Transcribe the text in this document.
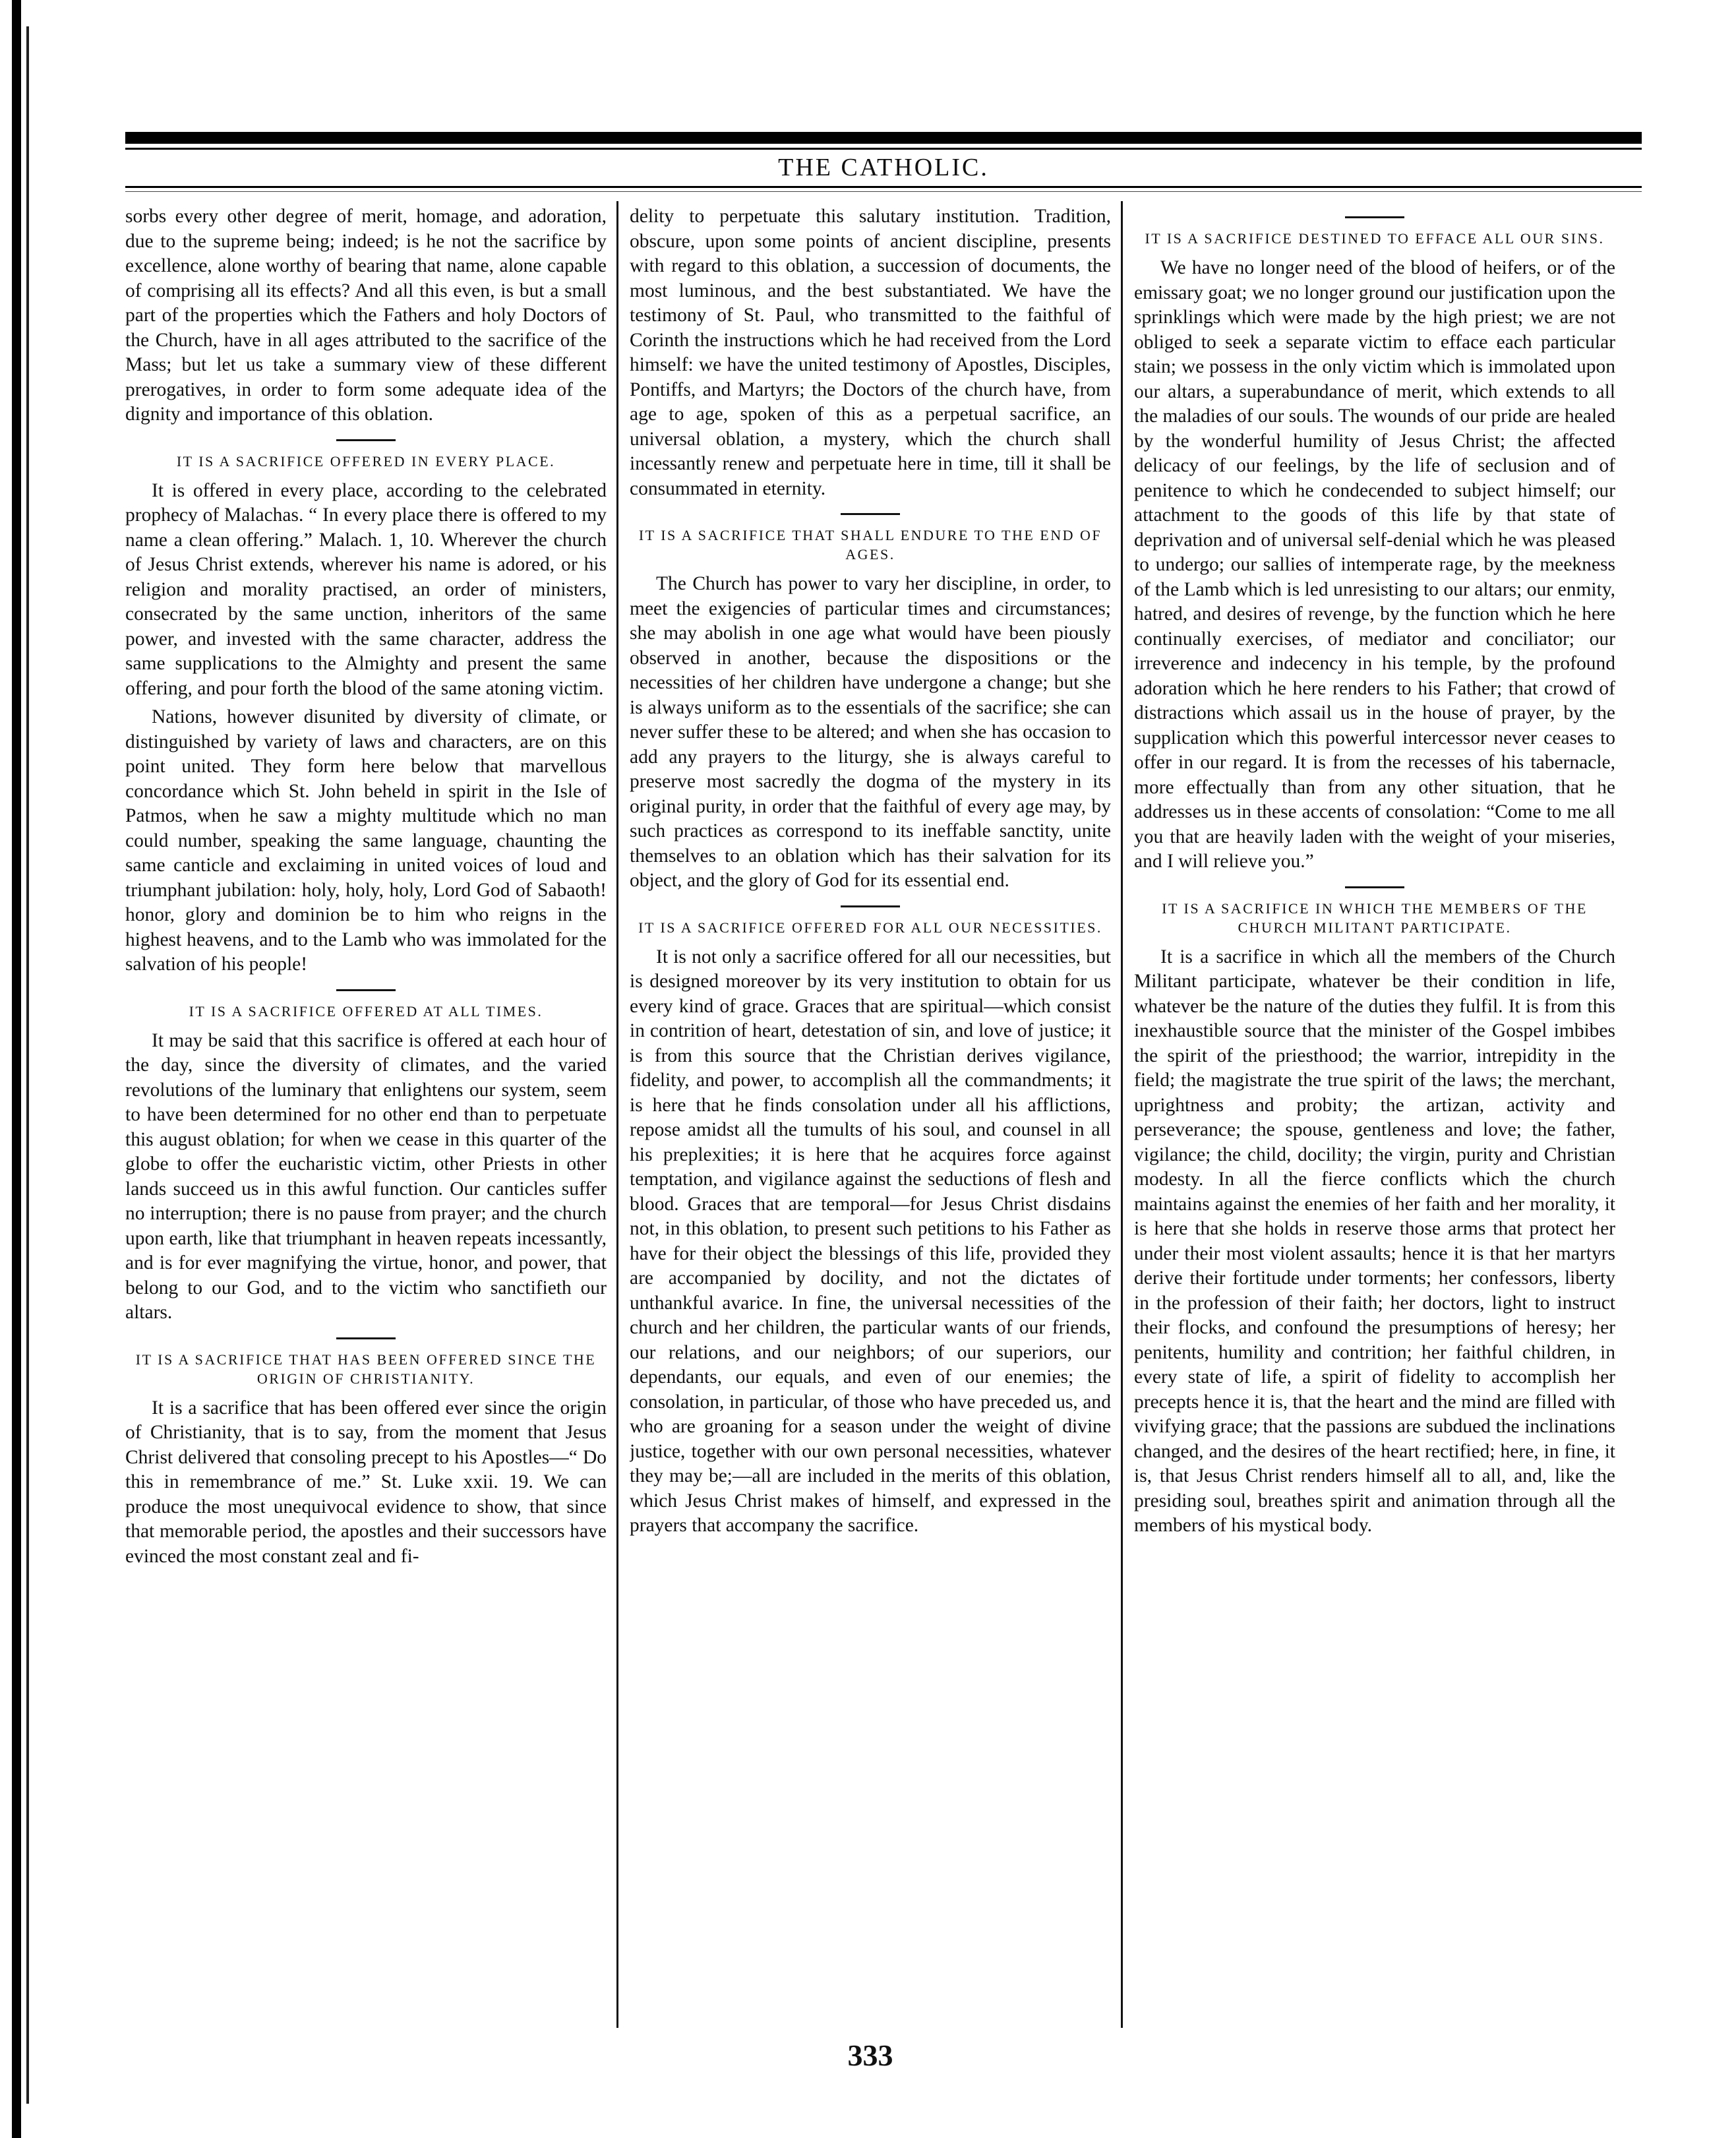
THE CATHOLIC.

sorbs every other degree of merit, homage, and adoration, due to the supreme being; indeed; is he not the sacrifice by excellence, alone worthy of bearing that name, alone capable of comprising all its effects? And all this even, is but a small part of the properties which the Fathers and holy Doctors of the Church, have in all ages attributed to the sacrifice of the Mass; but let us take a summary view of these different prerogatives, in order to form some adequate idea of the dignity and importance of this oblation.

IT IS A SACRIFICE OFFERED IN EVERY PLACE.

It is offered in every place, according to the celebrated prophecy of Malachas. “ In every place there is offered to my name a clean offering.” Malach. 1, 10. Wherever the church of Jesus Christ extends, wherever his name is adored, or his religion and morality practised, an order of ministers, consecrated by the same unction, inheritors of the same power, and invested with the same character, address the same supplications to the Almighty and present the same offering, and pour forth the blood of the same atoning victim.

Nations, however disunited by diversity of climate, or distinguished by variety of laws and characters, are on this point united. They form here below that marvellous concordance which St. John beheld in spirit in the Isle of Patmos, when he saw a mighty multitude which no man could number, speaking the same language, chaunting the same canticle and exclaiming in united voices of loud and triumphant jubilation: holy, holy, holy, Lord God of Sabaoth! honor, glory and dominion be to him who reigns in the highest heavens, and to the Lamb who was immolated for the salvation of his people!

IT IS A SACRIFICE OFFERED AT ALL TIMES.

It may be said that this sacrifice is offered at each hour of the day, since the diversity of climates, and the varied revolutions of the luminary that enlightens our system, seem to have been determined for no other end than to perpetuate this august oblation; for when we cease in this quarter of the globe to offer the eucharistic victim, other Priests in other lands succeed us in this awful function. Our canticles suffer no interruption; there is no pause from prayer; and the church upon earth, like that triumphant in heaven repeats incessantly, and is for ever magnifying the virtue, honor, and power, that belong to our God, and to the victim who sanctifieth our altars.

IT IS A SACRIFICE THAT HAS BEEN OFFERED SINCE THE ORIGIN OF CHRISTIANITY.

It is a sacrifice that has been offered ever since the origin of Christianity, that is to say, from the moment that Jesus Christ delivered that consoling precept to his Apostles—“ Do this in remembrance of me.” St. Luke xxii. 19. We can produce the most unequivocal evidence to show, that since that memorable period, the apostles and their successors have evinced the most constant zeal and fi-

delity to perpetuate this salutary institution. Tradition, obscure, upon some points of ancient discipline, presents with regard to this oblation, a succession of documents, the most luminous, and the best substantiated. We have the testimony of St. Paul, who transmitted to the faithful of Corinth the instructions which he had received from the Lord himself: we have the united testimony of Apostles, Disciples, Pontiffs, and Martyrs; the Doctors of the church have, from age to age, spoken of this as a perpetual sacrifice, an universal oblation, a mystery, which the church shall incessantly renew and perpetuate here in time, till it shall be consummated in eternity.

IT IS A SACRIFICE THAT SHALL ENDURE TO THE END OF AGES.

The Church has power to vary her discipline, in order, to meet the exigencies of particular times and circumstances; she may abolish in one age what would have been piously observed in another, because the dispositions or the necessities of her children have undergone a change; but she is always uniform as to the essentials of the sacrifice; she can never suffer these to be altered; and when she has occasion to add any prayers to the liturgy, she is always careful to preserve most sacredly the dogma of the mystery in its original purity, in order that the faithful of every age may, by such practices as correspond to its ineffable sanctity, unite themselves to an oblation which has their salvation for its object, and the glory of God for its essential end.

IT IS A SACRIFICE OFFERED FOR ALL OUR NECESSITIES.

It is not only a sacrifice offered for all our necessities, but is designed moreover by its very institution to obtain for us every kind of grace. Graces that are spiritual—which consist in contrition of heart, detestation of sin, and love of justice; it is from this source that the Christian derives vigilance, fidelity, and power, to accomplish all the commandments; it is here that he finds consolation under all his afflictions, repose amidst all the tumults of his soul, and counsel in all his preplexities; it is here that he acquires force against temptation, and vigilance against the seductions of flesh and blood. Graces that are temporal—for Jesus Christ disdains not, in this oblation, to present such petitions to his Father as have for their object the blessings of this life, provided they are accompanied by docility, and not the dictates of unthankful avarice. In fine, the universal necessities of the church and her children, the particular wants of our friends, our relations, and our neighbors; of our superiors, our dependants, our equals, and even of our enemies; the consolation, in particular, of those who have preceded us, and who are groaning for a season under the weight of divine justice, together with our own personal necessities, whatever they may be;—all are included in the merits of this oblation, which Jesus Christ makes of himself, and expressed in the prayers that accompany the sacrifice.

IT IS A SACRIFICE DESTINED TO EFFACE ALL OUR SINS.

We have no longer need of the blood of heifers, or of the emissary goat; we no longer ground our justification upon the sprinklings which were made by the high priest; we are not obliged to seek a separate victim to efface each particular stain; we possess in the only victim which is immolated upon our altars, a superabundance of merit, which extends to all the maladies of our souls. The wounds of our pride are healed by the wonderful humility of Jesus Christ; the affected delicacy of our feelings, by the life of seclusion and of penitence to which he condecended to subject himself; our attachment to the goods of this life by that state of deprivation and of universal self-denial which he was pleased to undergo; our sallies of intemperate rage, by the meekness of the Lamb which is led unresisting to our altars; our enmity, hatred, and desires of revenge, by the function which he here continually exercises, of mediator and conciliator; our irreverence and indecency in his temple, by the profound adoration which he here renders to his Father; that crowd of distractions which assail us in the house of prayer, by the supplication which this powerful intercessor never ceases to offer in our regard. It is from the recesses of his tabernacle, more effectually than from any other situation, that he addresses us in these accents of consolation: “Come to me all you that are heavily laden with the weight of your miseries, and I will relieve you.”

IT IS A SACRIFICE IN WHICH THE MEMBERS OF THE CHURCH MILITANT PARTICIPATE.

It is a sacrifice in which all the members of the Church Militant participate, whatever be their condition in life, whatever be the nature of the duties they fulfil. It is from this inexhaustible source that the minister of the Gospel imbibes the spirit of the priesthood; the warrior, intrepidity in the field; the magistrate the true spirit of the laws; the merchant, uprightness and probity; the artizan, activity and perseverance; the spouse, gentleness and love; the father, vigilance; the child, docility; the virgin, purity and Christian modesty. In all the fierce conflicts which the church maintains against the enemies of her faith and her morality, it is here that she holds in reserve those arms that protect her under their most violent assaults; hence it is that her martyrs derive their fortitude under torments; her confessors, liberty in the profession of their faith; her doctors, light to instruct their flocks, and confound the presumptions of heresy; her penitents, humility and contrition; her faithful children, in every state of life, a spirit of fidelity to accomplish her precepts hence it is, that the heart and the mind are filled with vivifying grace; that the passions are subdued the inclinations changed, and the desires of the heart rectified; here, in fine, it is, that Jesus Christ renders himself all to all, and, like the presiding soul, breathes spirit and animation through all the members of his mystical body.

333
